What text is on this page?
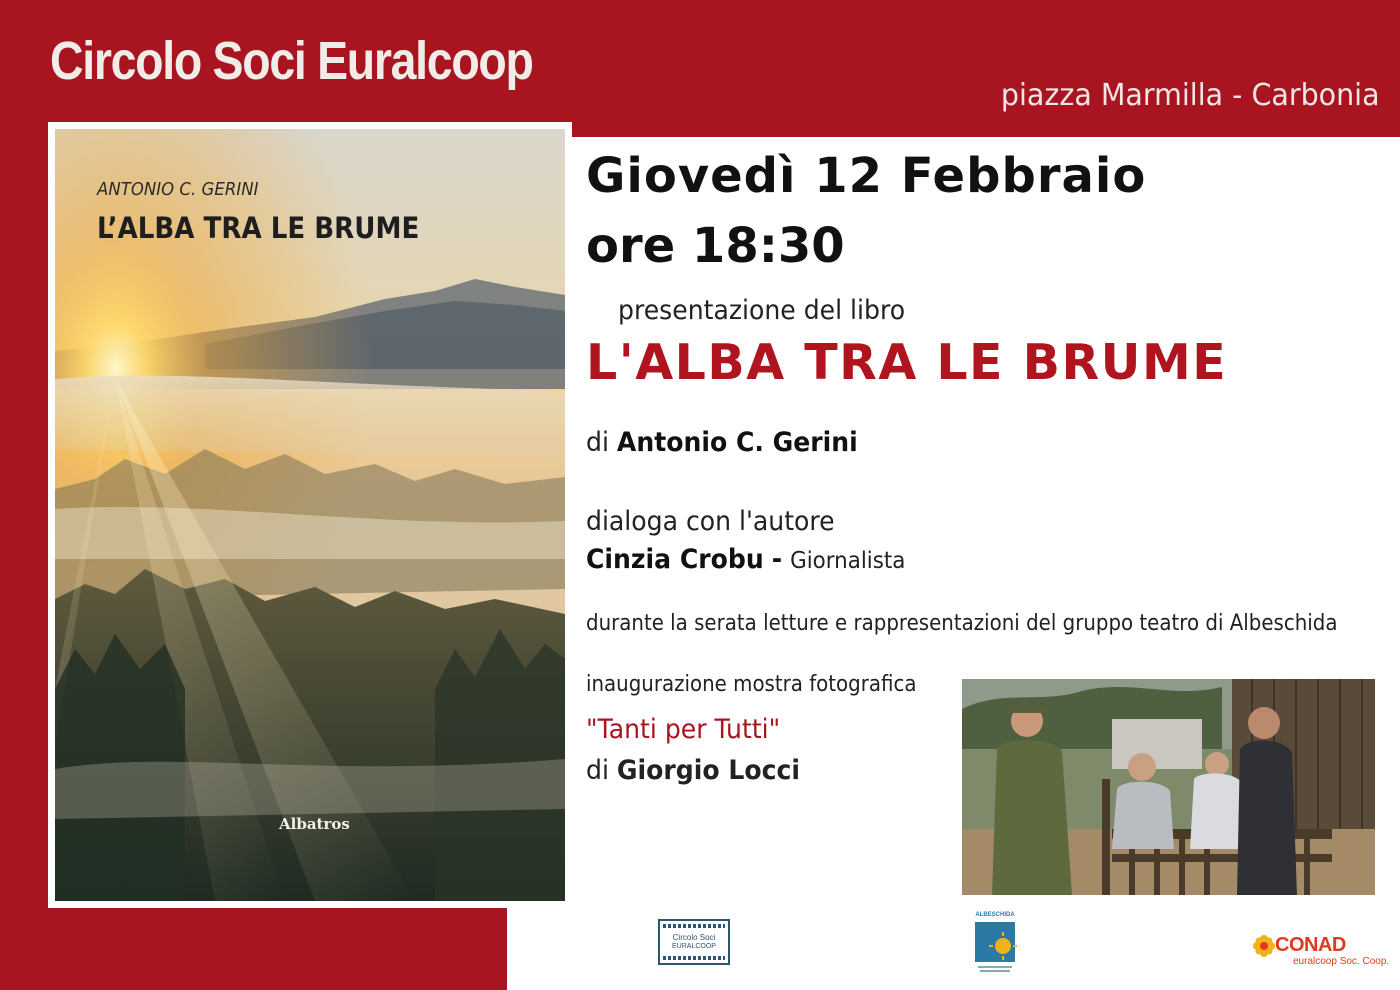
Circolo Soci Euralcoop
piazza Marmilla - Carbonia
ANTONIO C. GERINI
L’ALBA TRA LE BRUME
Albatros
Giovedì 12 Febbraio
ore 18:30
presentazione del libro
L'ALBA TRA LE BRUME
di Antonio C. Gerini
dialoga con l'autore
Cinzia Crobu - Giornalista
durante la serata letture e rappresentazioni del gruppo teatro di Albeschida
inaugurazione mostra fotografica
"Tanti per Tutti"
di Giorgio Locci
Circolo Soci
EURALCOOP
ALBESCHIDA
CONAD
euralcoop Soc. Coop.
